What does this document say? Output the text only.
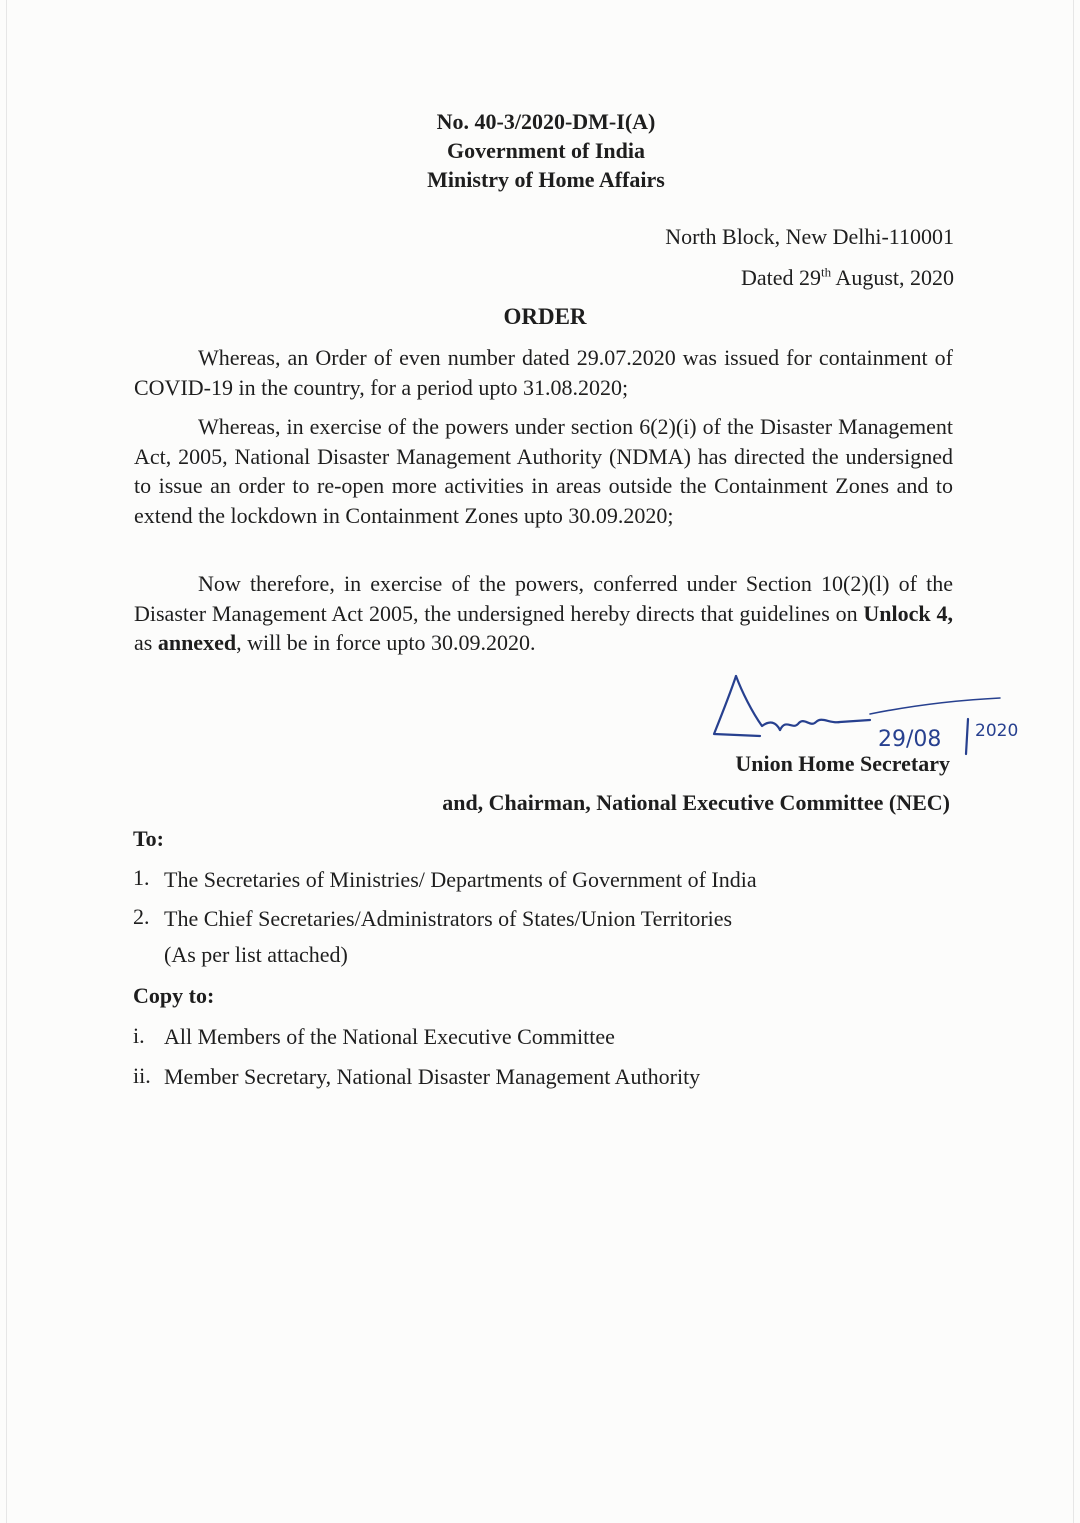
No. 40-3/2020-DM-I(A)
Government of India
Ministry of Home Affairs
North Block, New Delhi-110001
Dated 29th August, 2020
ORDER
Whereas, an Order of even number dated 29.07.2020 was issued for containment of COVID-19 in the country, for a period upto 31.08.2020;
Whereas, in exercise of the powers under section 6(2)(i) of the Disaster Management Act, 2005, National Disaster Management Authority (NDMA) has directed the undersigned to issue an order to re-open more activities in areas outside the Containment Zones and to extend the lockdown in Containment Zones upto 30.09.2020;
Now therefore, in exercise of the powers, conferred under Section 10(2)(l) of the Disaster Management Act 2005, the undersigned hereby directs that guidelines on Unlock 4, as annexed, will be in force upto 30.09.2020.
29/08 2020
Union Home Secretary
and, Chairman, National Executive Committee (NEC)
To:
1. The Secretaries of Ministries/ Departments of Government of India
2. The Chief Secretaries/Administrators of States/Union Territories
(As per list attached)
Copy to:
i. All Members of the National Executive Committee
ii. Member Secretary, National Disaster Management Authority
